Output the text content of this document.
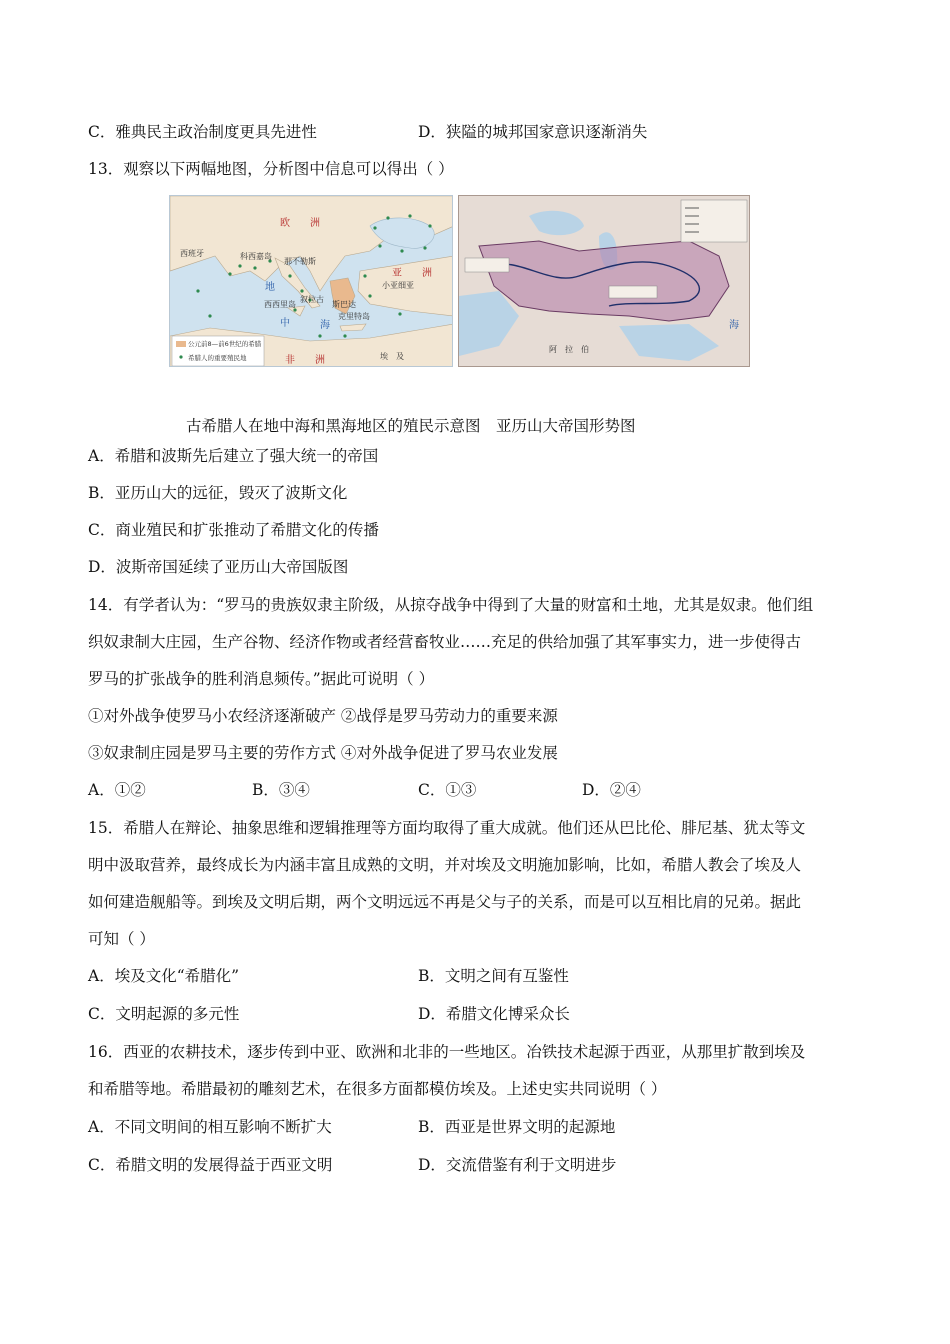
C．雅典民主政治制度更具先进性	D．狭隘的城邦国家意识逐渐消失
13．观察以下两幅地图，分析图中信息可以得出（ ）
欧　　洲
西班牙	科西嘉岛
那不勒斯
西西里岛
叙拉古
斯巴达
克里特岛
亚　　洲
小亚细亚
非　　洲	埃　及
地
中	海
公元前8—前6世纪的希腊
希腊人的重要殖民地
阿　拉　伯
海
古希腊人在地中海和黑海地区的殖民示意图　 亚历山大帝国形势图
A．希腊和波斯先后建立了强大统一的帝国
B．亚历山大的远征，毁灭了波斯文化
C．商业殖民和扩张推动了希腊文化的传播
D．波斯帝国延续了亚历山大帝国版图
14．有学者认为：“罗马的贵族奴隶主阶级，从掠夺战争中得到了大量的财富和土地，尤其是奴隶。他们组
织奴隶制大庄园，生产谷物、经济作物或者经营畜牧业……充足的供给加强了其军事实力，进一步使得古
罗马的扩张战争的胜利消息频传。”据此可说明（ ）
①对外战争使罗马小农经济逐渐破产 ②战俘是罗马劳动力的重要来源
③奴隶制庄园是罗马主要的劳作方式 ④对外战争促进了罗马农业发展
A．①②	B．③④	C．①③	D．②④
15．希腊人在辩论、抽象思维和逻辑推理等方面均取得了重大成就。他们还从巴比伦、腓尼基、犹太等文
明中汲取营养，最终成长为内涵丰富且成熟的文明，并对埃及文明施加影响，比如，希腊人教会了埃及人
如何建造舰船等。到埃及文明后期，两个文明远远不再是父与子的关系，而是可以互相比肩的兄弟。据此
可知（ ）
A．埃及文化“希腊化”	B．文明之间有互鉴性
C．文明起源的多元性	D．希腊文化博采众长
16．西亚的农耕技术，逐步传到中亚、欧洲和北非的一些地区。冶铁技术起源于西亚，从那里扩散到埃及
和希腊等地。希腊最初的雕刻艺术，在很多方面都模仿埃及。上述史实共同说明（ ）
A．不同文明间的相互影响不断扩大	B．西亚是世界文明的起源地
C．希腊文明的发展得益于西亚文明	D．交流借鉴有利于文明进步
